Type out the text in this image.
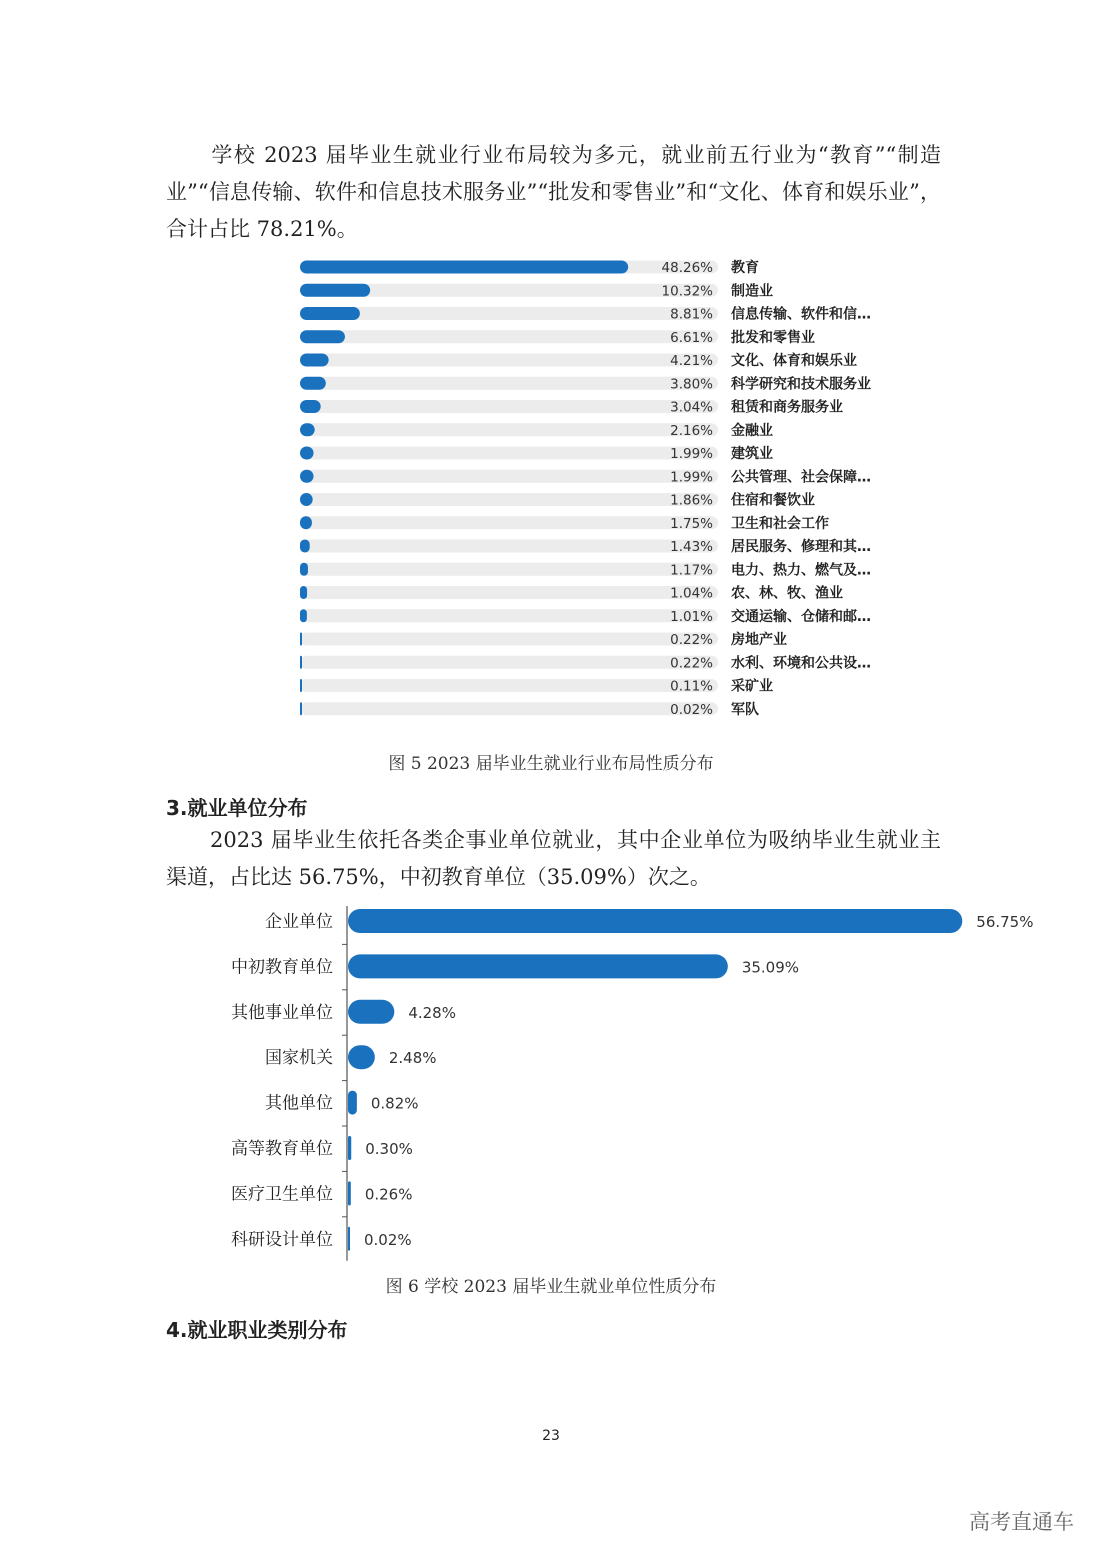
学校 2023 届毕业生就业行业布局较为多元，就业前五行业为“教育”“制造业”“信息传输、软件和信息技术服务业”“批发和零售业”和“文化、体育和娱乐业”，合计占比 78.21%。

48.26% 教育
10.32% 制造业
8.81% 信息传输、软件和信…
6.61% 批发和零售业
4.21% 文化、体育和娱乐业
3.80% 科学研究和技术服务业
3.04% 租赁和商务服务业
2.16% 金融业
1.99% 建筑业
1.99% 公共管理、社会保障…
1.86% 住宿和餐饮业
1.75% 卫生和社会工作
1.43% 居民服务、修理和其…
1.17% 电力、热力、燃气及…
1.04% 农、林、牧、渔业
1.01% 交通运输、仓储和邮…
0.22% 房地产业
0.22% 水利、环境和公共设…
0.11% 采矿业
0.02% 军队
图 5 2023 届毕业生就业行业布局性质分布
3.就业单位分布

2023 届毕业生依托各类企事业单位就业，其中企业单位为吸纳毕业生就业主渠道，占比达 56.75%，中初教育单位（35.09%）次之。

企业单位	56.75%
中初教育单位	35.09%
其他事业单位	4.28%
国家机关	2.48%
其他单位	0.82%
高等教育单位 0.30%
医疗卫生单位 0.26%
科研设计单位 0.02%
图 6 学校 2023 届毕业生就业单位性质分布
4.就业职业类别分布
23
高考直通车
